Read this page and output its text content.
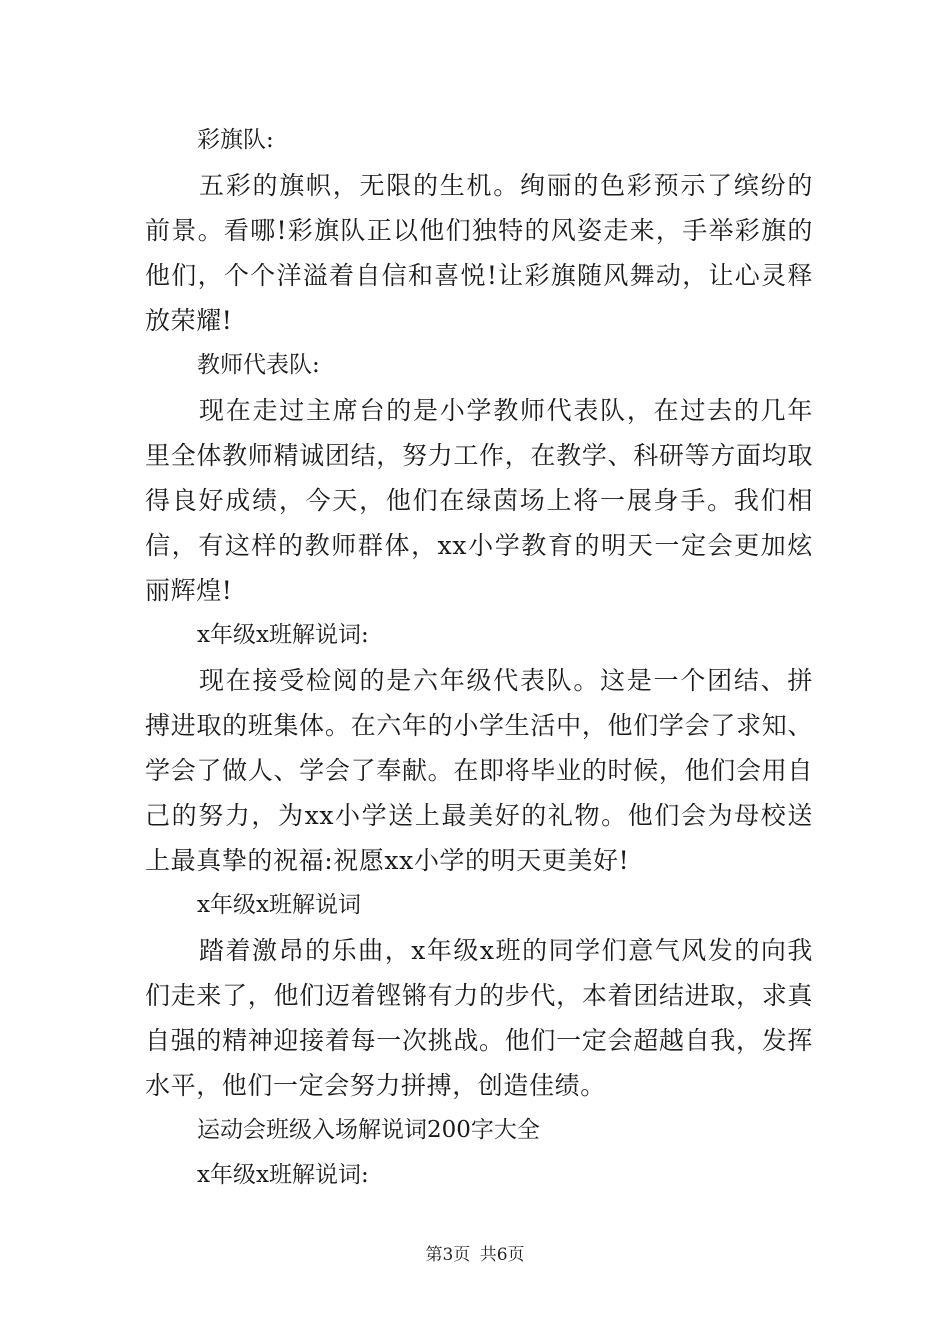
彩旗队:

五彩的旗帜，无限的生机。绚丽的色彩预示了缤纷的前景。看哪!彩旗队正以他们独特的风姿走来，手举彩旗的他们，个个洋溢着自信和喜悦!让彩旗随风舞动，让心灵释放荣耀!

教师代表队:

现在走过主席台的是小学教师代表队，在过去的几年里全体教师精诚团结，努力工作，在教学、科研等方面均取得良好成绩，今天，他们在绿茵场上将一展身手。我们相信，有这样的教师群体，xx小学教育的明天一定会更加炫丽辉煌!

x年级x班解说词:

现在接受检阅的是六年级代表队。这是一个团结、拼搏进取的班集体。在六年的小学生活中，他们学会了求知、学会了做人、学会了奉献。在即将毕业的时候，他们会用自己的努力，为xx小学送上最美好的礼物。他们会为母校送上最真挚的祝福:祝愿xx小学的明天更美好!

x年级x班解说词

踏着激昂的乐曲，x年级x班的同学们意气风发的向我们走来了，他们迈着铿锵有力的步代，本着团结进取，求真自强的精神迎接着每一次挑战。他们一定会超越自我，发挥水平，他们一定会努力拼搏，创造佳绩。

运动会班级入场解说词200字大全

x年级x班解说词:

第3页 共6页
